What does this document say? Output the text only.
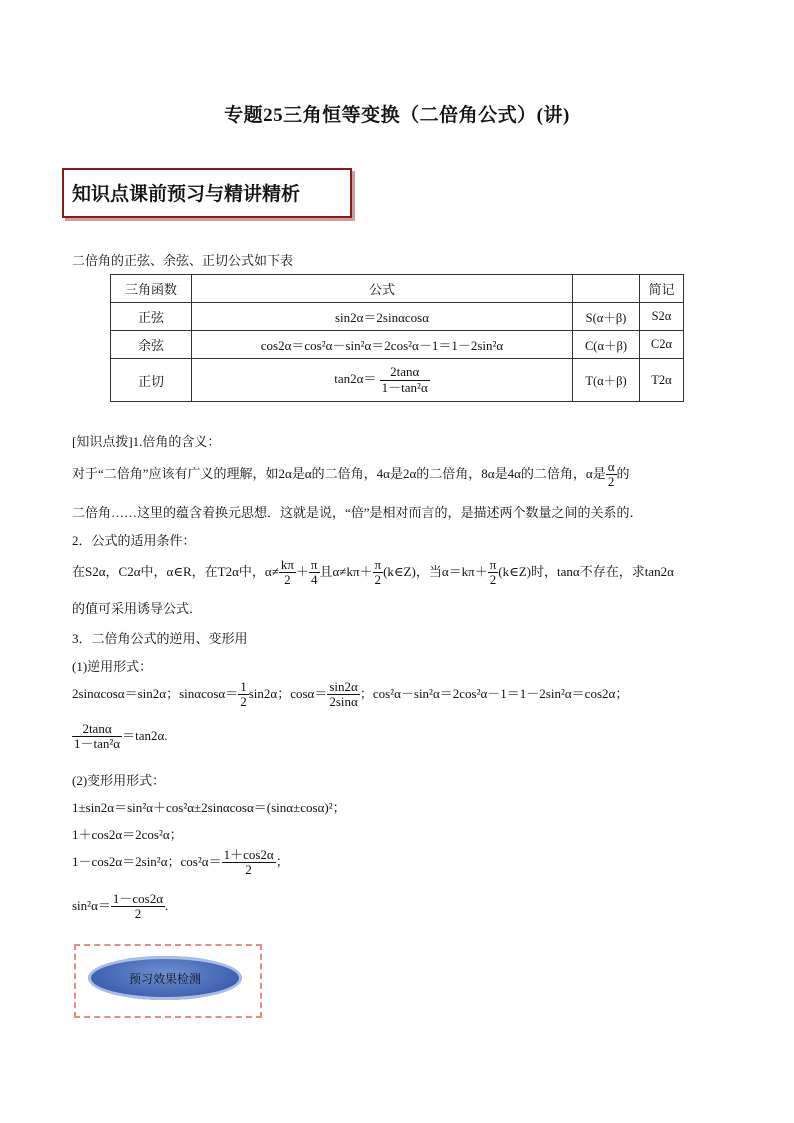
专题25三角恒等变换（二倍角公式）(讲)
知识点课前预习与精讲精析
二倍角的正弦、余弦、正切公式如下表
三角函数	公式		简记
正弦	sin2α＝2sinαcosα	S(α＋β)	S2α
余弦	cos2α＝cos²α－sin²α＝2cos²α－1＝1－2sin²α	C(α＋β)	C2α
正切	$\tan 2\alpha= \frac{2\tan\alpha}{\text{1－tan²α}}$	T(α＋β)	T2α
[知识点拨]1.倍角的含义：
对于“二倍角”应该有广义的理解，如2α是α的二倍角，4α是2α的二倍角，8α是4α的二倍角，α是 $\frac{\alpha}{2}$ 的
二倍角……这里的蕴含着换元思想．这就是说，“倍”是相对而言的，是描述两个数量之间的关系的．
2．公式的适用条件：
在S2α，C2α中，α∈R，在T2α中，$\alpha\ne \frac{k\pi}{2} + \frac{\pi}{4}$ 且$\alpha\ne k\pi+ \frac{\pi}{2}$ (k∈Z)，当$\alpha=k\pi+ \frac{\pi}{2}$ (k∈Z)时，tanα不存在，求tan2α
的值可采用诱导公式．
3．二倍角公式的逆用、变形用
(1)逆用形式：
2sinαcosα＝sin2α；$\sin\alpha\cos\alpha= \frac{1}{2} \sin 2\alpha$；$\cos\alpha= \frac{\sin 2\alpha}{2\sin\alpha}$ ；cos²α－sin²α＝2cos²α－1＝1－2sin²α＝cos2α；
$\frac{2\tan\alpha}{\text{1－tan²α}} =\tan 2\alpha$.
(2)变形用形式：
1±sin2α＝sin²α＋cos²α±2sinαcosα＝(sinα±cosα)²；
1＋cos2α＝2cos²α；
1－cos2α＝2sin²α；$\cos^2\alpha= \frac{1+\cos 2\alpha}{2}$ ；
$\sin^2\alpha= \frac{1-\cos 2\alpha}{2}$ .
预习效果检测
